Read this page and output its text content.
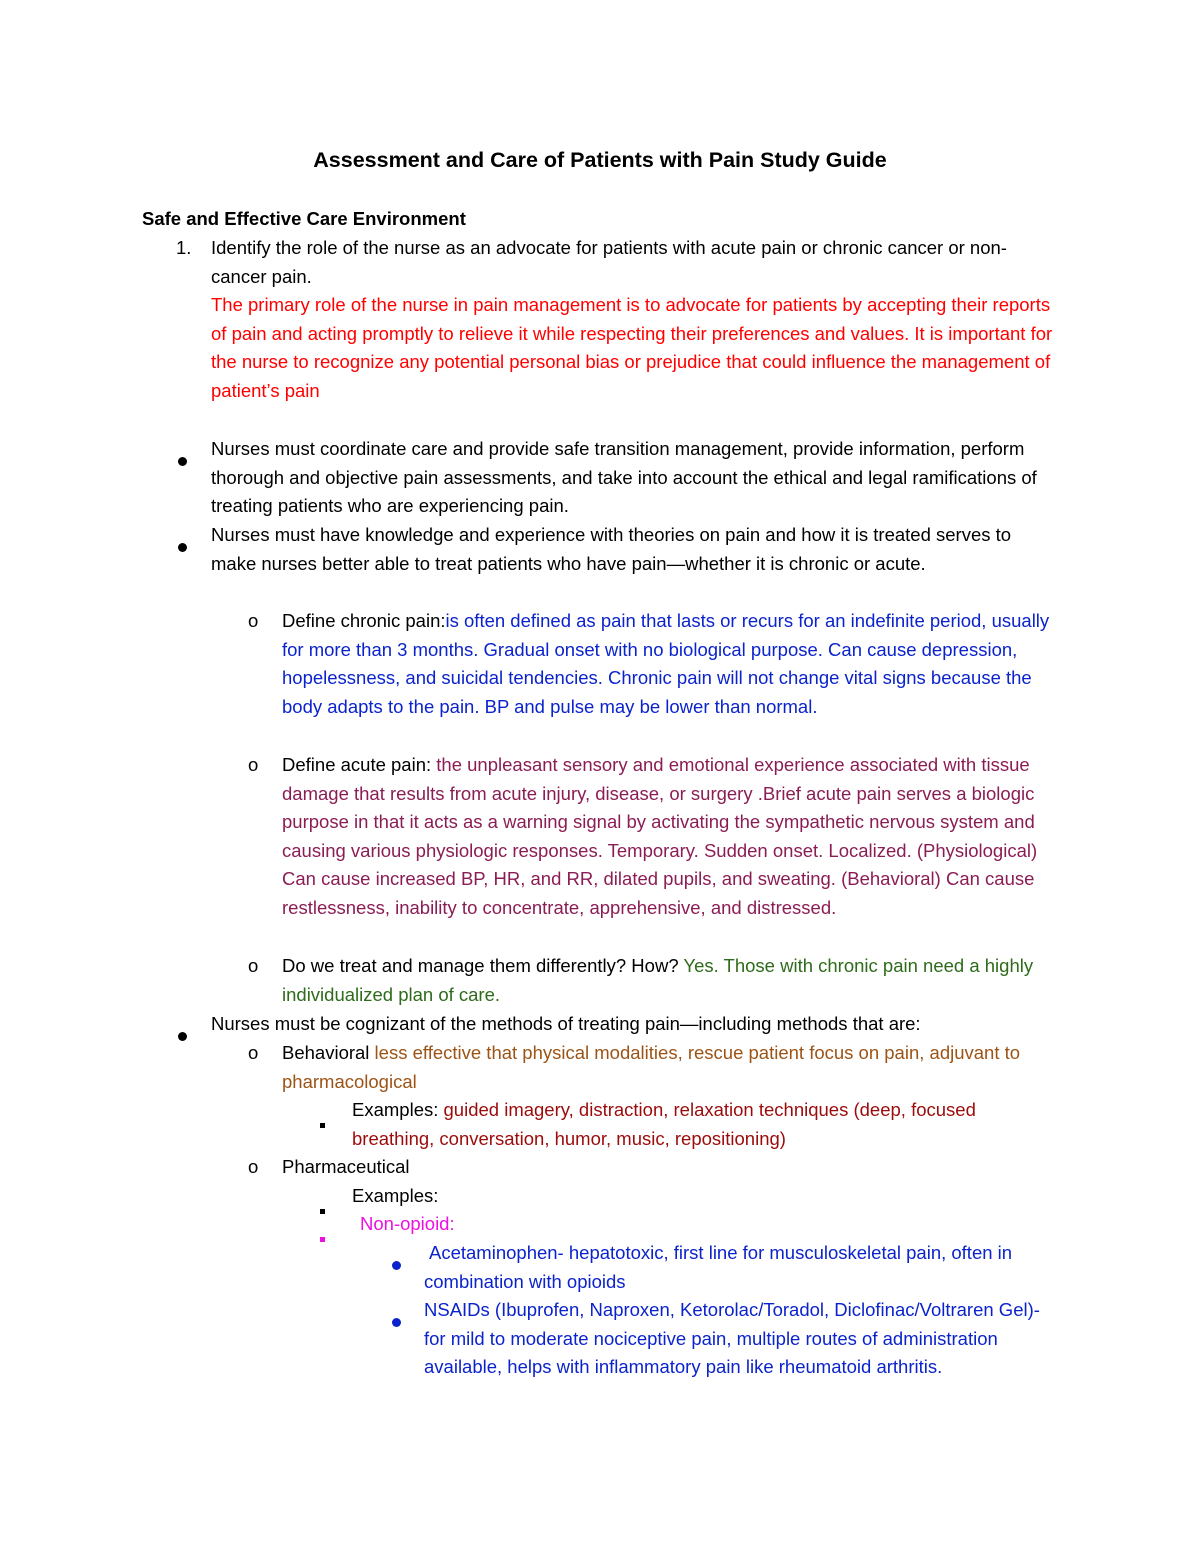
Assessment and Care of Patients with Pain Study Guide
Safe and Effective Care Environment
1. Identify the role of the nurse as an advocate for patients with acute pain or chronic cancer or non-cancer pain.
The primary role of the nurse in pain management is to advocate for patients by accepting their reports of pain and acting promptly to relieve it while respecting their preferences and values. It is important for the nurse to recognize any potential personal bias or prejudice that could influence the management of patient’s pain
Nurses must coordinate care and provide safe transition management, provide information, perform thorough and objective pain assessments, and take into account the ethical and legal ramifications of treating patients who are experiencing pain.
Nurses must have knowledge and experience with theories on pain and how it is treated serves to make nurses better able to treat patients who have pain—whether it is chronic or acute.
o Define chronic pain:is often defined as pain that lasts or recurs for an indefinite period, usually for more than 3 months. Gradual onset with no biological purpose. Can cause depression, hopelessness, and suicidal tendencies. Chronic pain will not change vital signs because the body adapts to the pain. BP and pulse may be lower than normal.
o Define acute pain: the unpleasant sensory and emotional experience associated with tissue damage that results from acute injury, disease, or surgery .Brief acute pain serves a biologic purpose in that it acts as a warning signal by activating the sympathetic nervous system and causing various physiologic responses. Temporary. Sudden onset. Localized. (Physiological) Can cause increased BP, HR, and RR, dilated pupils, and sweating. (Behavioral) Can cause restlessness, inability to concentrate, apprehensive, and distressed.
o Do we treat and manage them differently? How? Yes. Those with chronic pain need a highly individualized plan of care.
Nurses must be cognizant of the methods of treating pain—including methods that are:
o Behavioral less effective that physical modalities, rescue patient focus on pain, adjuvant to pharmacological
Examples: guided imagery, distraction, relaxation techniques (deep, focused breathing, conversation, humor, music, repositioning)
o Pharmaceutical
Examples:
Non-opioid:
Acetaminophen- hepatotoxic, first line for musculoskeletal pain, often in combination with opioids
NSAIDs (Ibuprofen, Naproxen, Ketorolac/Toradol, Diclofinac/Voltraren Gel)- for mild to moderate nociceptive pain, multiple routes of administration available, helps with inflammatory pain like rheumatoid arthritis.
